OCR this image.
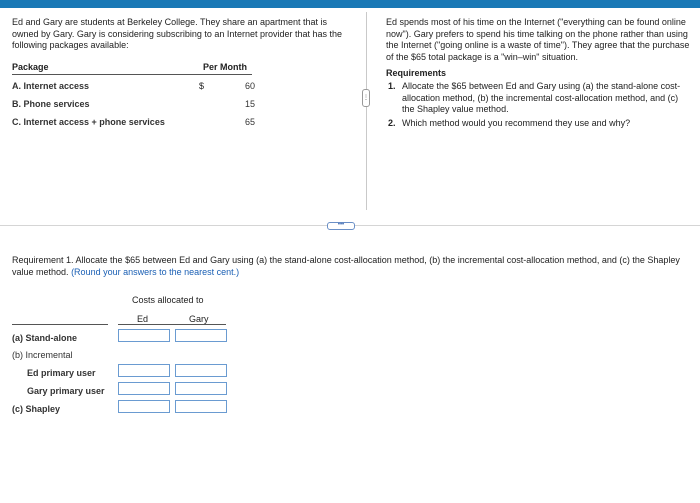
Ed and Gary are students at Berkeley College. They share an apartment that is owned by Gary. Gary is considering subscribing to an Internet provider that has the following packages available:
Package	Per Month
A. Internet access	$	60
B. Phone services	15
C. Internet access + phone services	65
⋮
•••
Ed spends most of his time on the Internet ("everything can be found online now"). Gary prefers to spend his time talking on the phone rather than using the Internet ("going online is a waste of time"). They agree that the purchase of the $65 total package is a "win–win" situation.
Requirements
1. Allocate the $65 between Ed and Gary using (a) the stand-alone cost-allocation method, (b) the incremental cost-allocation method, and (c) the Shapley value method.
2. Which method would you recommend they use and why?
Requirement 1. Allocate the $65 between Ed and Gary using (a) the stand-alone cost-allocation method, (b) the incremental cost-allocation method, and (c) the Shapley value method. (Round your answers to the nearest cent.)
Costs allocated to
Ed	Gary
(a) Stand-alone
(b) Incremental
Ed primary user
Gary primary user
(c) Shapley
